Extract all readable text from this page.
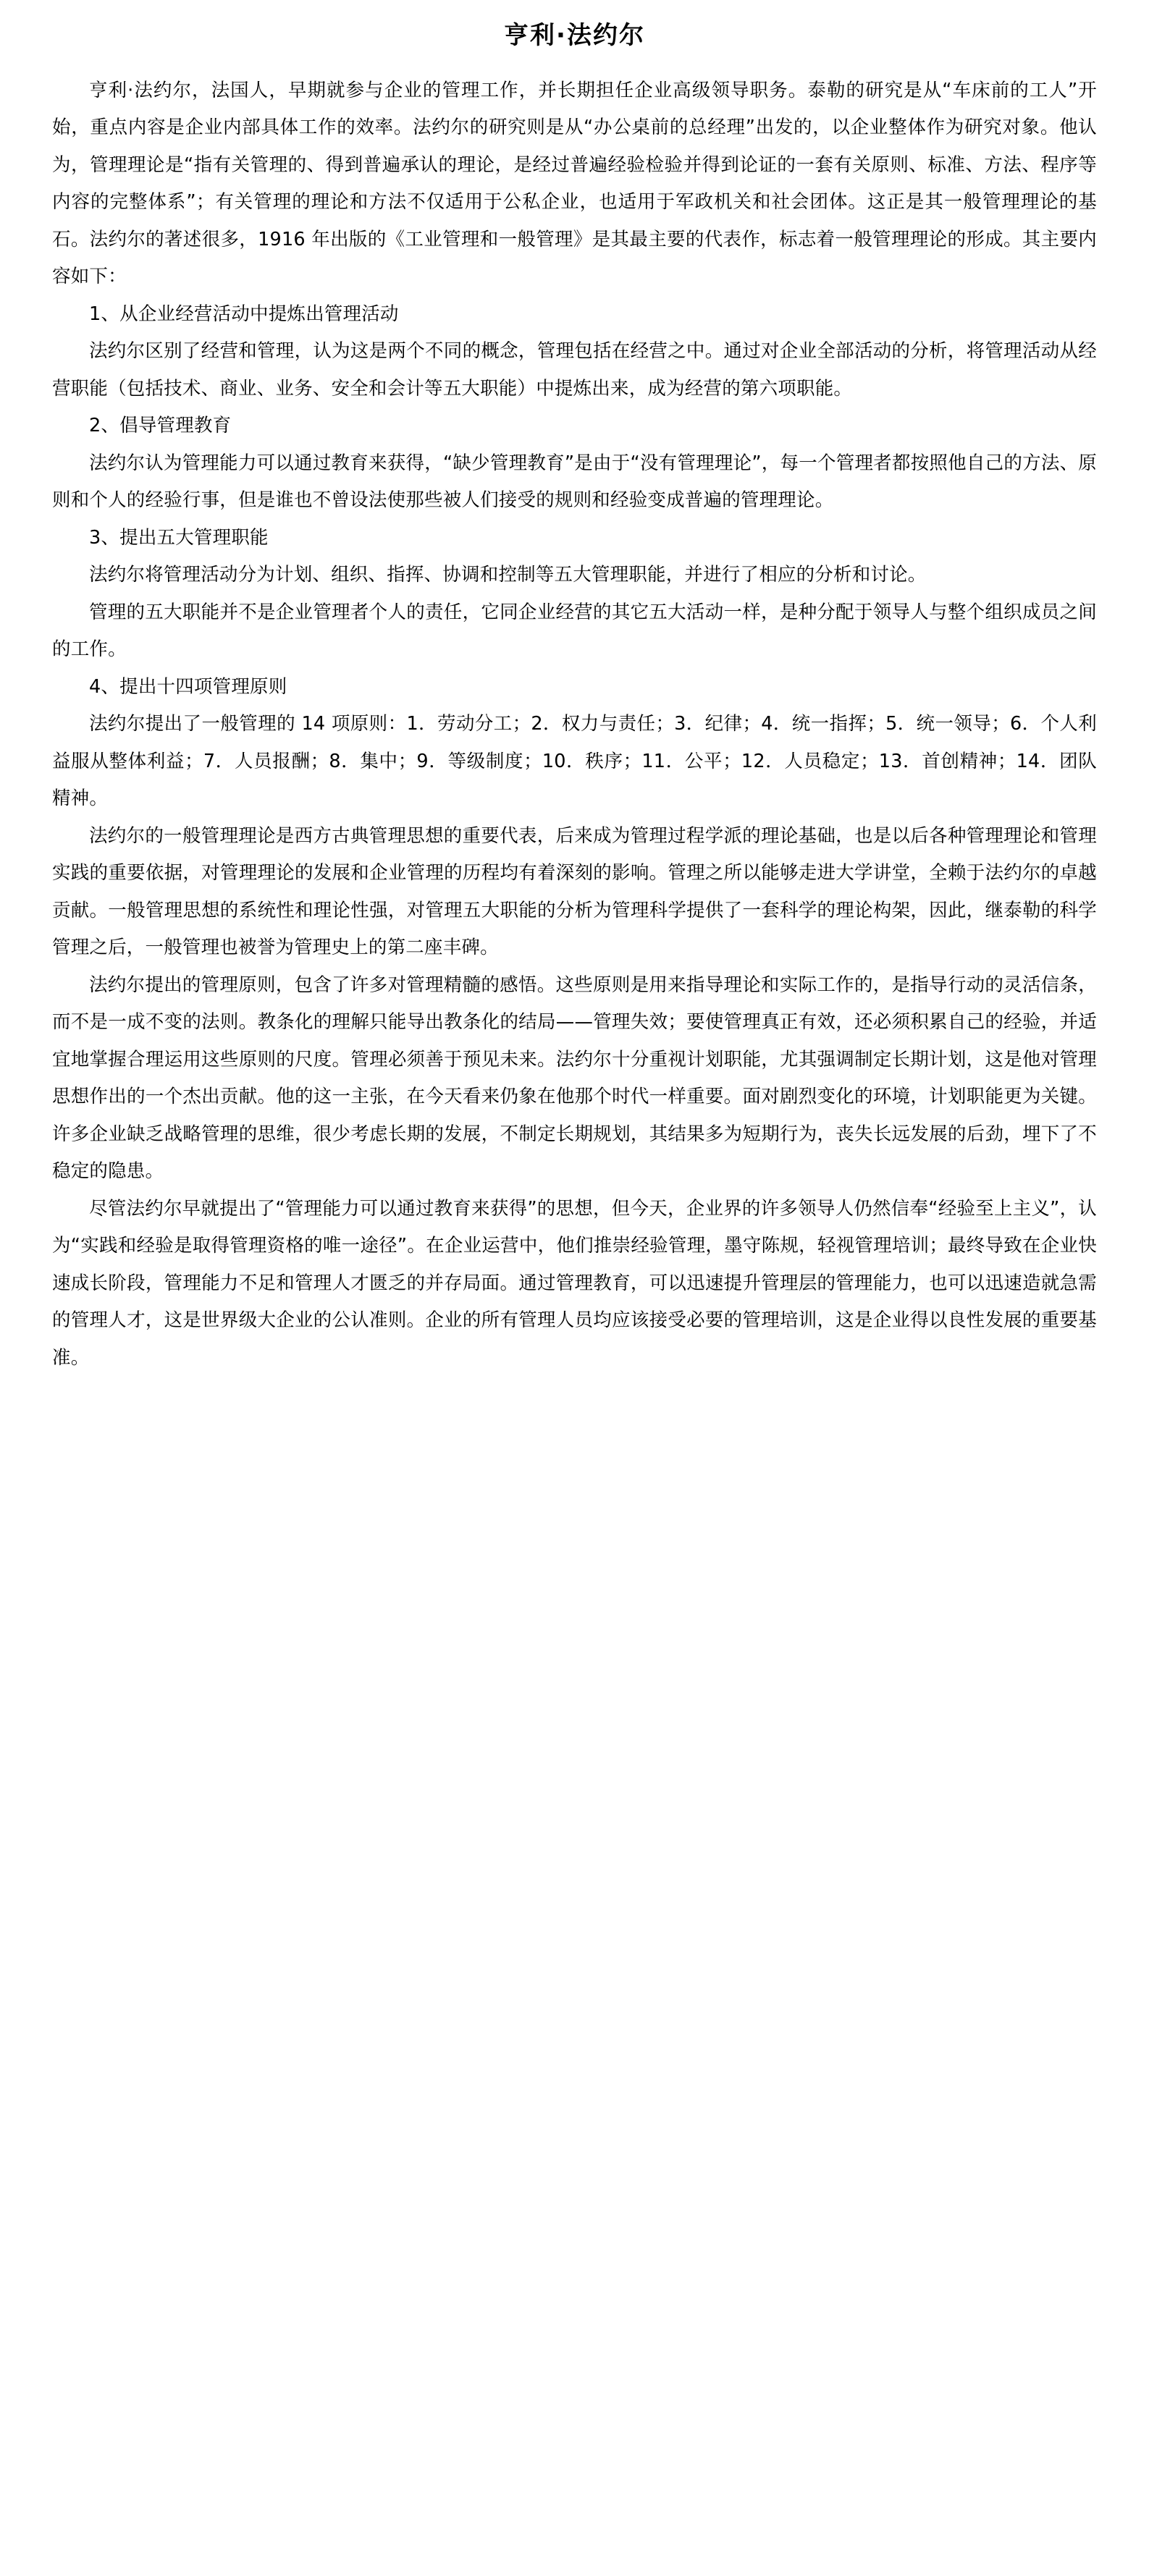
亨利·法约尔

亨利·法约尔，法国人，早期就参与企业的管理工作，并长期担任企业高级领导职务。泰勒的研究是从“车床前的工人”开始，重点内容是企业内部具体工作的效率。法约尔的研究则是从“办公桌前的总经理”出发的，以企业整体作为研究对象。他认为，管理理论是“指有关管理的、得到普遍承认的理论，是经过普遍经验检验并得到论证的一套有关原则、标准、方法、程序等内容的完整体系”；有关管理的理论和方法不仅适用于公私企业，也适用于军政机关和社会团体。这正是其一般管理理论的基石。法约尔的著述很多，1916 年出版的《工业管理和一般管理》是其最主要的代表作，标志着一般管理理论的形成。其主要内容如下：

1、从企业经营活动中提炼出管理活动

法约尔区别了经营和管理，认为这是两个不同的概念，管理包括在经营之中。通过对企业全部活动的分析，将管理活动从经营职能（包括技术、商业、业务、安全和会计等五大职能）中提炼出来，成为经营的第六项职能。

2、倡导管理教育

法约尔认为管理能力可以通过教育来获得，“缺少管理教育”是由于“没有管理理论”，每一个管理者都按照他自己的方法、原则和个人的经验行事，但是谁也不曾设法使那些被人们接受的规则和经验变成普遍的管理理论。

3、提出五大管理职能

法约尔将管理活动分为计划、组织、指挥、协调和控制等五大管理职能，并进行了相应的分析和讨论。

管理的五大职能并不是企业管理者个人的责任，它同企业经营的其它五大活动一样，是种分配于领导人与整个组织成员之间的工作。

4、提出十四项管理原则

法约尔提出了一般管理的 14 项原则：1．劳动分工；2．权力与责任；3．纪律；4．统一指挥；5．统一领导；6．个人利益服从整体利益；7．人员报酬；8．集中；9．等级制度；10．秩序；11．公平；12．人员稳定；13．首创精神；14．团队精神。

法约尔的一般管理理论是西方古典管理思想的重要代表，后来成为管理过程学派的理论基础，也是以后各种管理理论和管理实践的重要依据，对管理理论的发展和企业管理的历程均有着深刻的影响。管理之所以能够走进大学讲堂，全赖于法约尔的卓越贡献。一般管理思想的系统性和理论性强，对管理五大职能的分析为管理科学提供了一套科学的理论构架，因此，继泰勒的科学管理之后，一般管理也被誉为管理史上的第二座丰碑。

法约尔提出的管理原则，包含了许多对管理精髓的感悟。这些原则是用来指导理论和实际工作的，是指导行动的灵活信条，而不是一成不变的法则。教条化的理解只能导出教条化的结局——管理失效；要使管理真正有效，还必须积累自己的经验，并适宜地掌握合理运用这些原则的尺度。管理必须善于预见未来。法约尔十分重视计划职能，尤其强调制定长期计划，这是他对管理思想作出的一个杰出贡献。他的这一主张，在今天看来仍象在他那个时代一样重要。面对剧烈变化的环境，计划职能更为关键。许多企业缺乏战略管理的思维，很少考虑长期的发展，不制定长期规划，其结果多为短期行为，丧失长远发展的后劲，埋下了不稳定的隐患。

尽管法约尔早就提出了“管理能力可以通过教育来获得”的思想，但今天，企业界的许多领导人仍然信奉“经验至上主义”，认为“实践和经验是取得管理资格的唯一途径”。在企业运营中，他们推崇经验管理，墨守陈规，轻视管理培训；最终导致在企业快速成长阶段，管理能力不足和管理人才匮乏的并存局面。通过管理教育，可以迅速提升管理层的管理能力，也可以迅速造就急需的管理人才，这是世界级大企业的公认准则。企业的所有管理人员均应该接受必要的管理培训，这是企业得以良性发展的重要基准。
